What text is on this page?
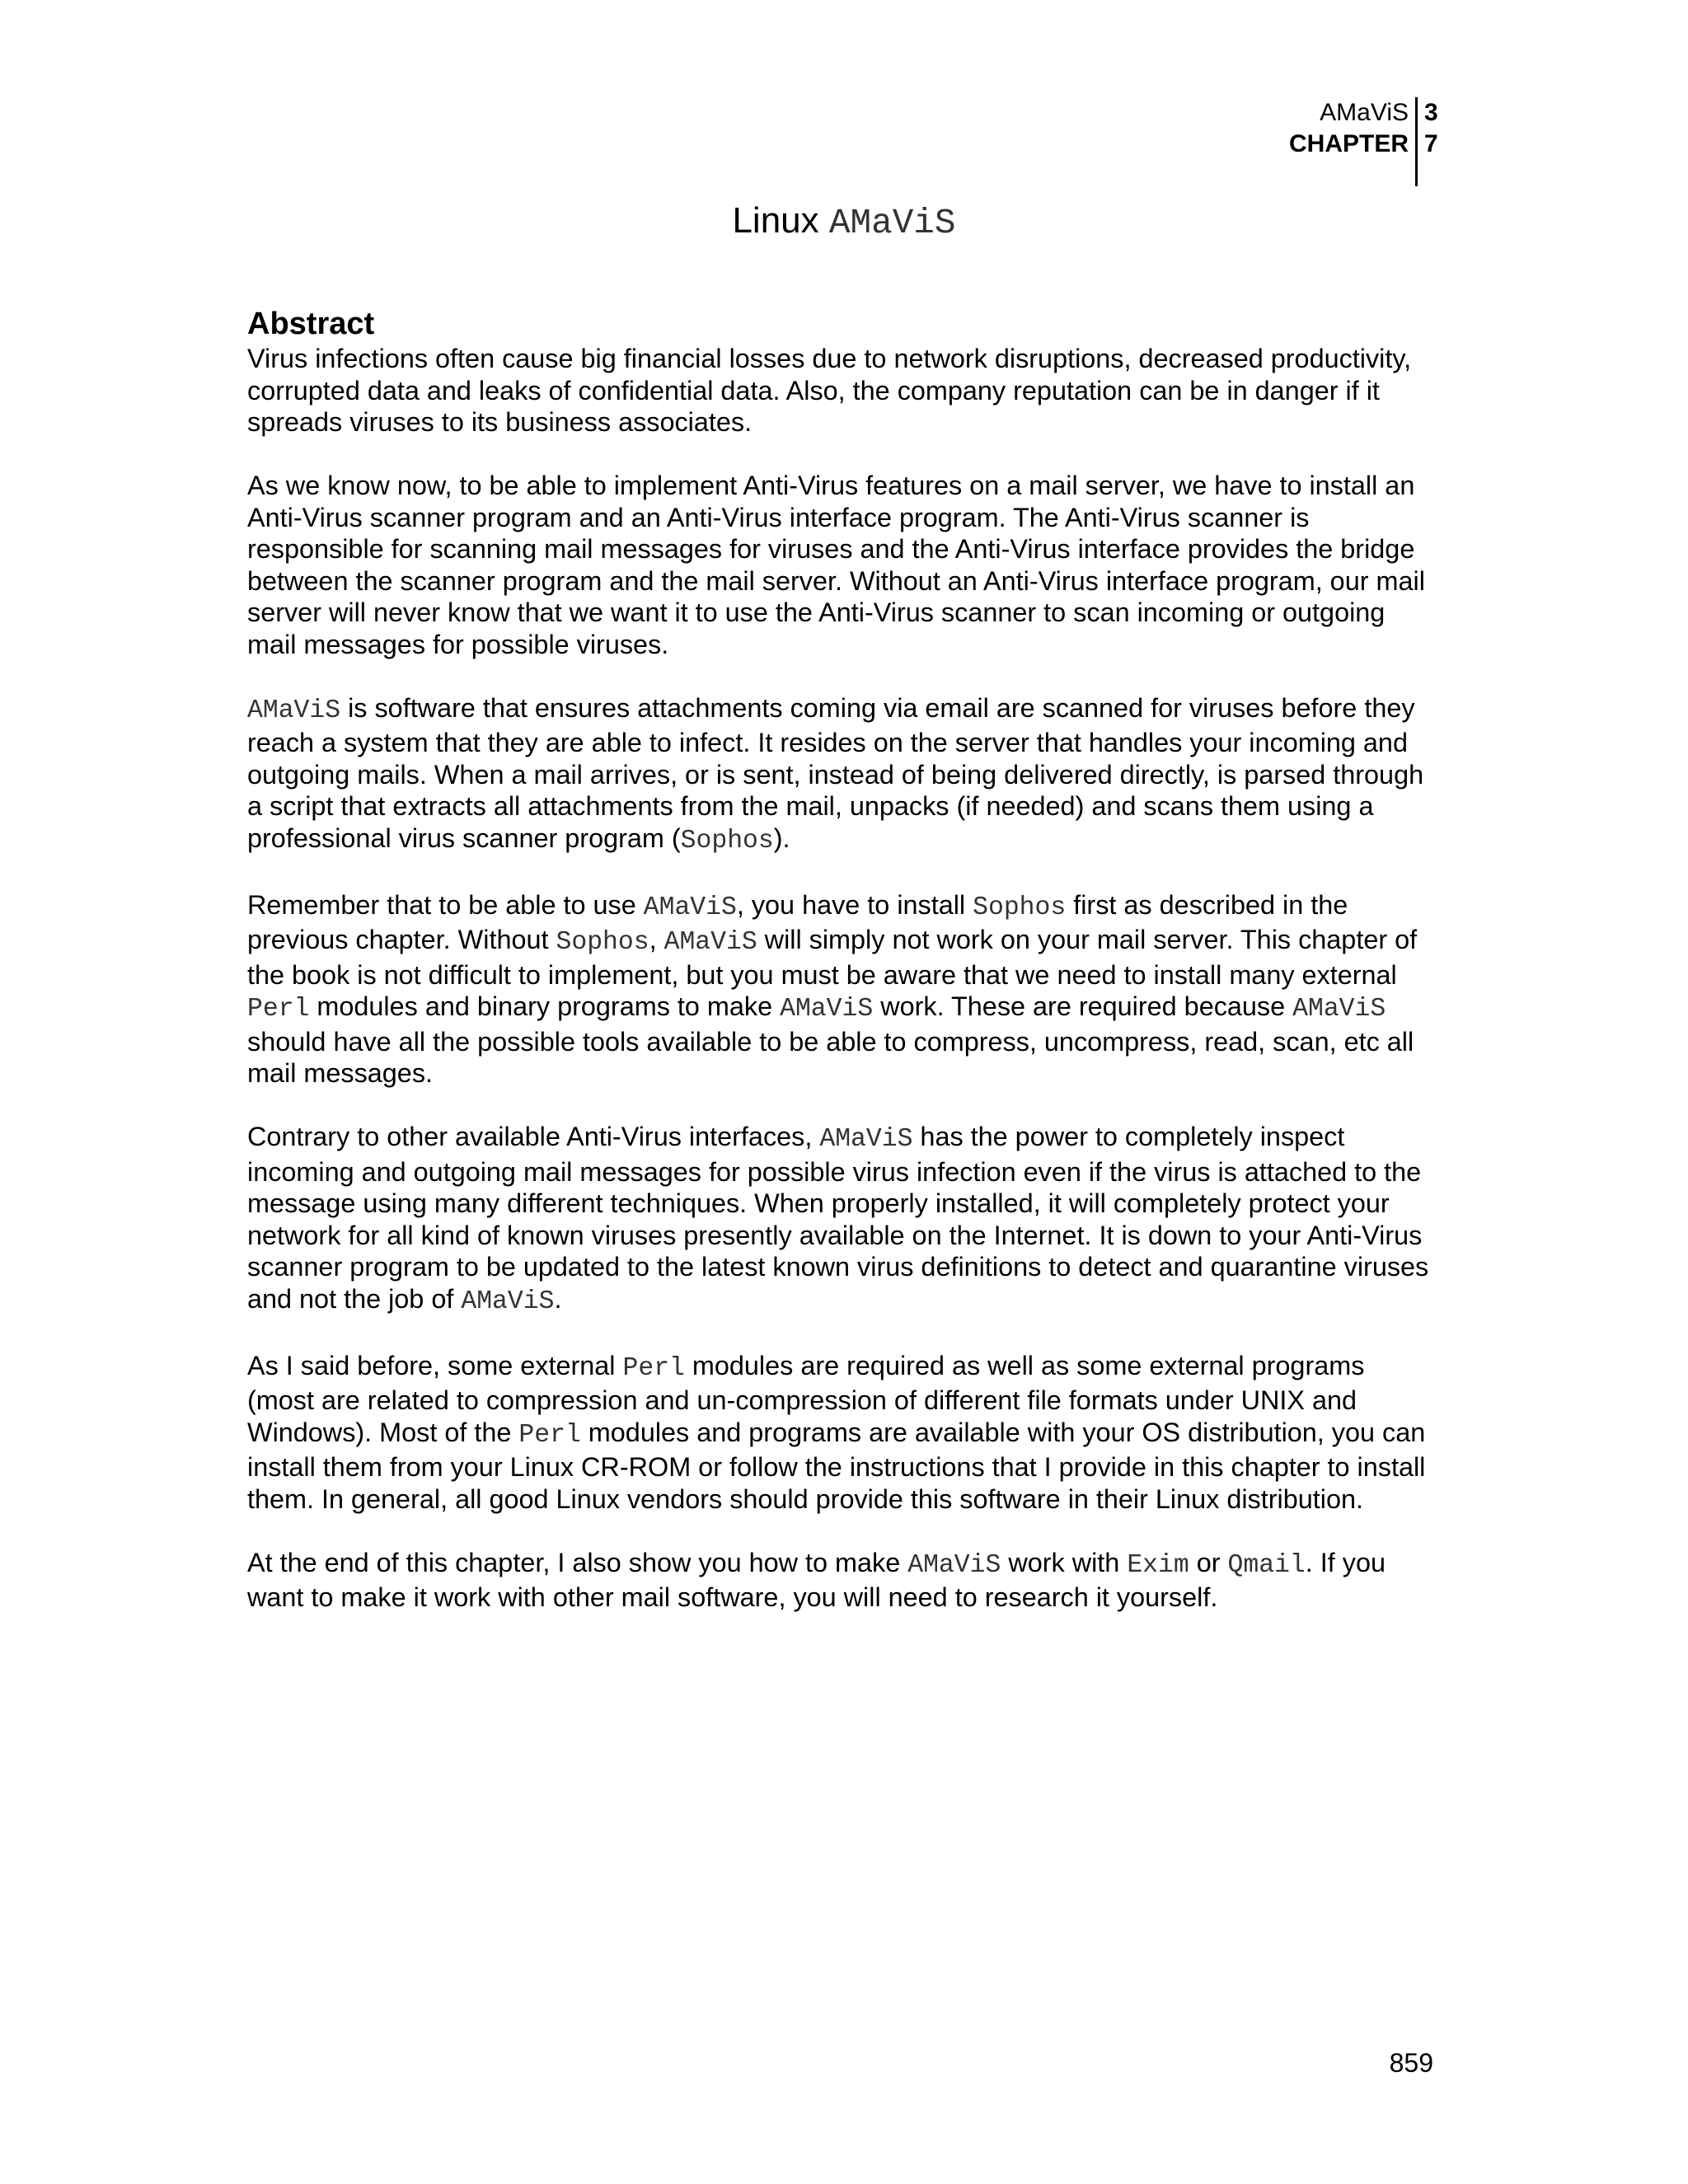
AMaViS
CHAPTER
3
7
Linux AMaViS
Abstract

Virus infections often cause big financial losses due to network disruptions, decreased productivity, corrupted data and leaks of confidential data. Also, the company reputation can be in danger if it spreads viruses to its business associates.

As we know now, to be able to implement Anti-Virus features on a mail server, we have to install an Anti-Virus scanner program and an Anti-Virus interface program. The Anti-Virus scanner is responsible for scanning mail messages for viruses and the Anti-Virus interface provides the bridge between the scanner program and the mail server. Without an Anti-Virus interface program, our mail server will never know that we want it to use the Anti-Virus scanner to scan incoming or outgoing mail messages for possible viruses.

AMaViS is software that ensures attachments coming via email are scanned for viruses before they reach a system that they are able to infect. It resides on the server that handles your incoming and outgoing mails. When a mail arrives, or is sent, instead of being delivered directly, is parsed through a script that extracts all attachments from the mail, unpacks (if needed) and scans them using a professional virus scanner program (Sophos).

Remember that to be able to use AMaViS, you have to install Sophos first as described in the previous chapter. Without Sophos, AMaViS will simply not work on your mail server. This chapter of the book is not difficult to implement, but you must be aware that we need to install many external Perl modules and binary programs to make AMaViS work. These are required because AMaViS should have all the possible tools available to be able to compress, uncompress, read, scan, etc all mail messages.

Contrary to other available Anti-Virus interfaces, AMaViS has the power to completely inspect incoming and outgoing mail messages for possible virus infection even if the virus is attached to the message using many different techniques. When properly installed, it will completely protect your network for all kind of known viruses presently available on the Internet. It is down to your Anti-Virus scanner program to be updated to the latest known virus definitions to detect and quarantine viruses and not the job of AMaViS.

As I said before, some external Perl modules are required as well as some external programs (most are related to compression and un-compression of different file formats under UNIX and Windows). Most of the Perl modules and programs are available with your OS distribution, you can install them from your Linux CR-ROM or follow the instructions that I provide in this chapter to install them. In general, all good Linux vendors should provide this software in their Linux distribution.

At the end of this chapter, I also show you how to make AMaViS work with Exim or Qmail. If you want to make it work with other mail software, you will need to research it yourself.

859
